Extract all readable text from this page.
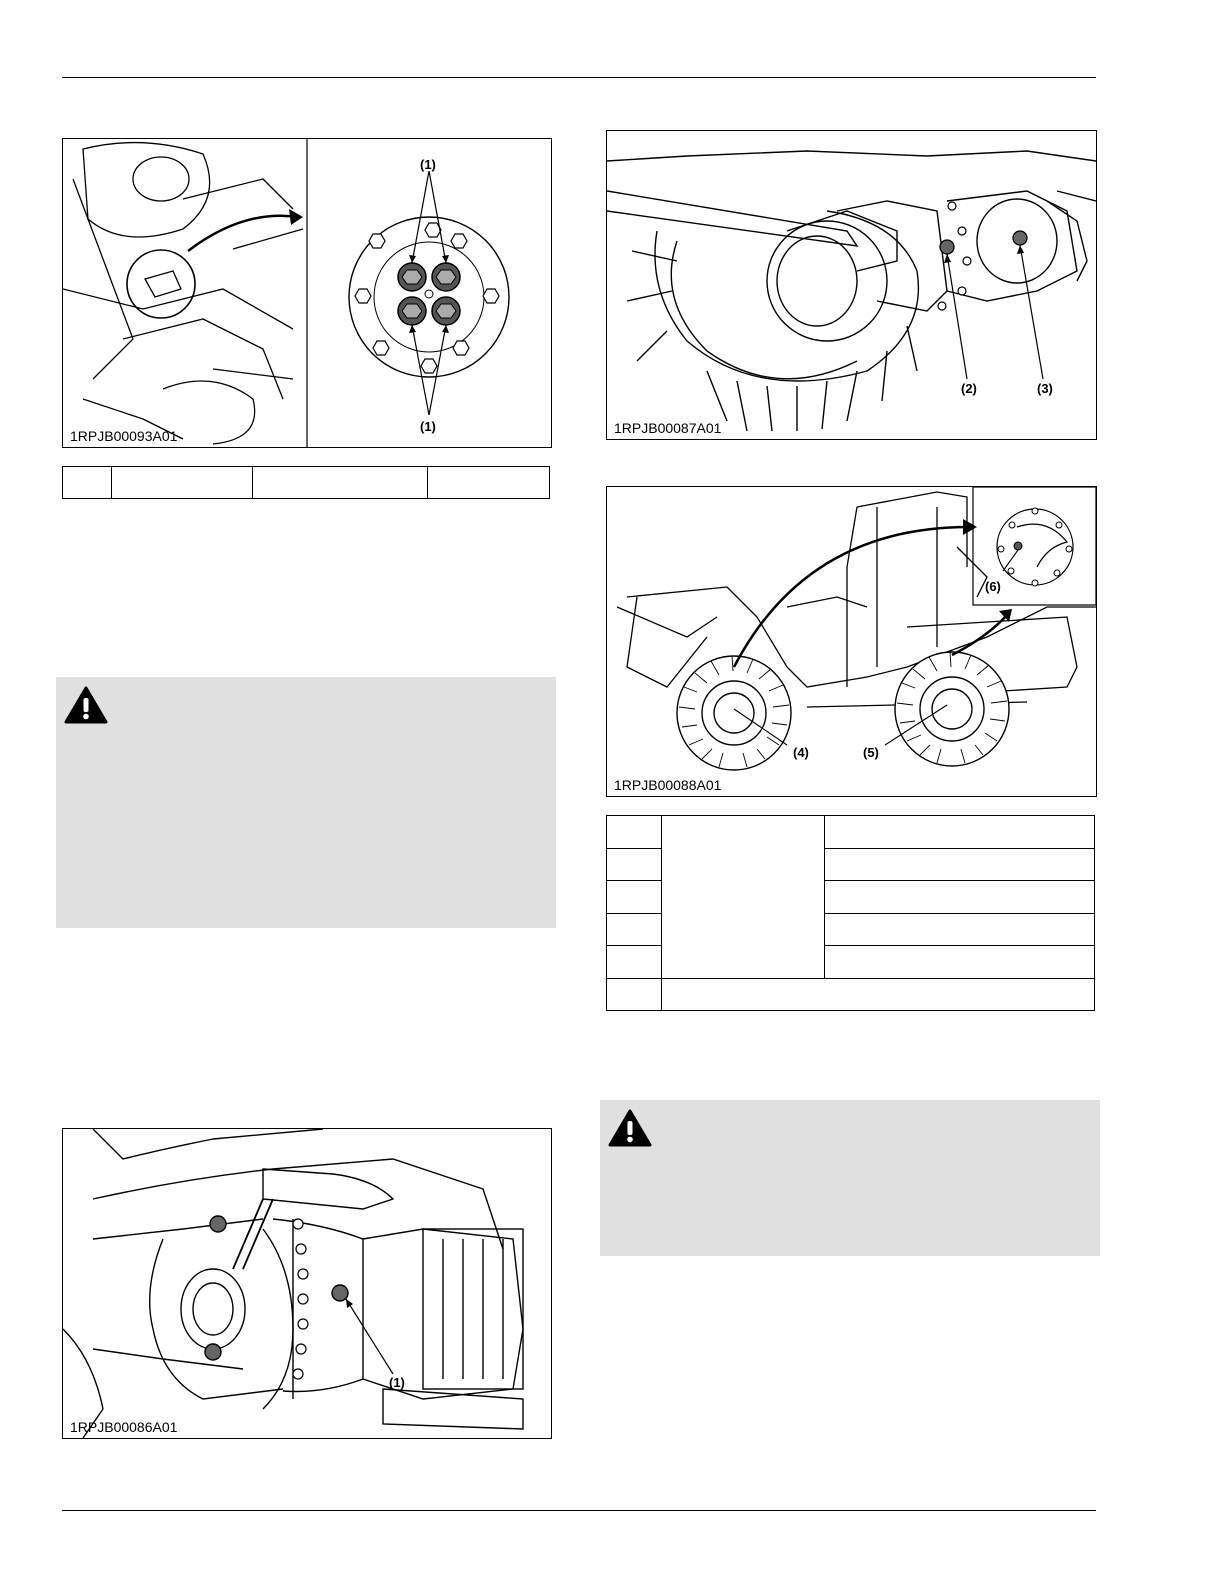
(1)
(1)
1RPJB00093A01

(1)
1RPJB00086A01
(2)	(3)
1RPJB00087A01
(6)
(4)	(5)
1RPJB00088A01
